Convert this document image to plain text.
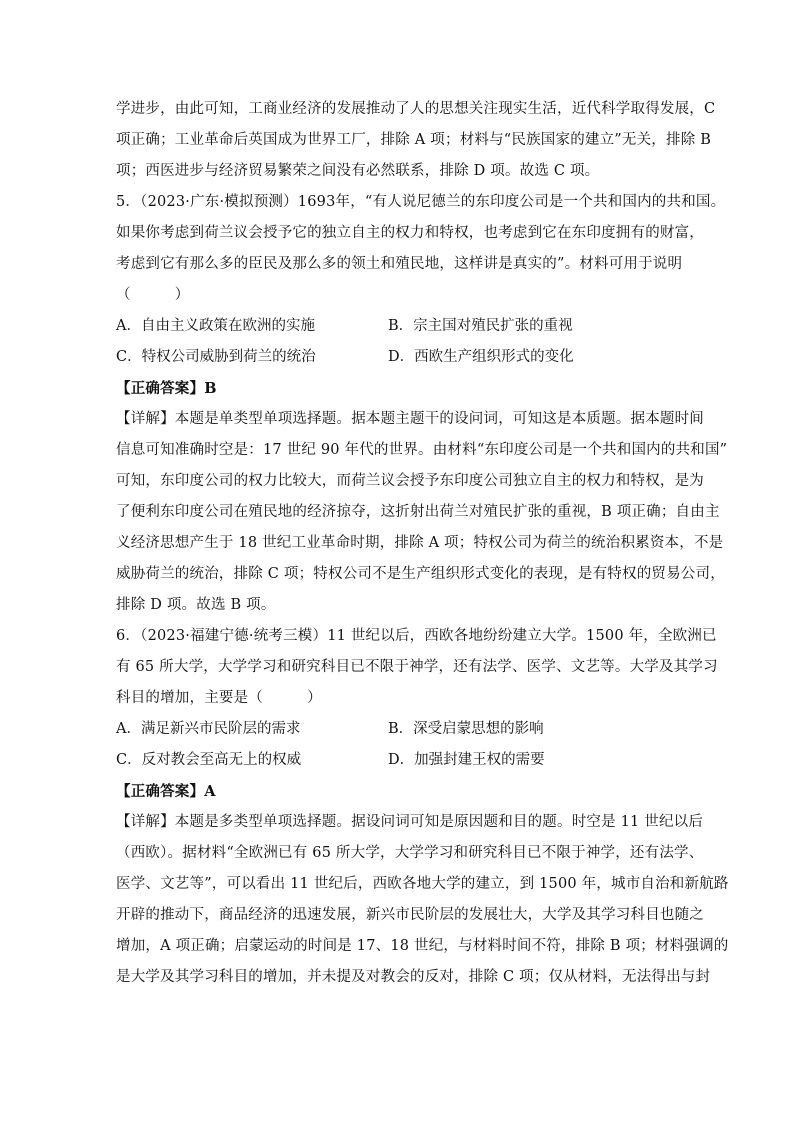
学进步，由此可知，工商业经济的发展推动了人的思想关注现实生活，近代科学取得发展，C
项正确；工业革命后英国成为世界工厂，排除 A 项；材料与“民族国家的建立”无关，排除 B
项；西医进步与经济贸易繁荣之间没有必然联系，排除 D 项。故选 C 项。
5．（2023·广东·模拟预测）1693年，“有人说尼德兰的东印度公司是一个共和国内的共和国。
如果你考虑到荷兰议会授予它的独立自主的权力和特权，也考虑到它在东印度拥有的财富，
考虑到它有那么多的臣民及那么多的领土和殖民地，这样讲是真实的”。材料可用于说明
（　　　）
A．自由主义政策在欧洲的实施	B．宗主国对殖民扩张的重视
C．特权公司威胁到荷兰的统治	D．西欧生产组织形式的变化
【正确答案】B
【详解】本题是单类型单项选择题。据本题主题干的设问词，可知这是本质题。据本题时间
信息可知准确时空是：17 世纪 90 年代的世界。由材料“东印度公司是一个共和国内的共和国”
可知，东印度公司的权力比较大，而荷兰议会授予东印度公司独立自主的权力和特权，是为
了便利东印度公司在殖民地的经济掠夺，这折射出荷兰对殖民扩张的重视，B 项正确；自由主
义经济思想产生于 18 世纪工业革命时期，排除 A 项；特权公司为荷兰的统治积累资本，不是
威胁荷兰的统治，排除 C 项；特权公司不是生产组织形式变化的表现，是有特权的贸易公司，
排除 D 项。故选 B 项。
6．（2023·福建宁德·统考三模）11 世纪以后，西欧各地纷纷建立大学。1500 年，全欧洲已
有 65 所大学，大学学习和研究科目已不限于神学，还有法学、医学、文艺等。大学及其学习
科目的增加，主要是（　　　）
A．满足新兴市民阶层的需求	B．深受启蒙思想的影响
C．反对教会至高无上的权威	D．加强封建王权的需要
【正确答案】A
【详解】本题是多类型单项选择题。据设问词可知是原因题和目的题。时空是 11 世纪以后
（西欧）。据材料“全欧洲已有 65 所大学，大学学习和研究科目已不限于神学，还有法学、
医学、文艺等”，可以看出 11 世纪后，西欧各地大学的建立，到 1500 年，城市自治和新航路
开辟的推动下，商品经济的迅速发展，新兴市民阶层的发展壮大，大学及其学习科目也随之
增加，A 项正确；启蒙运动的时间是 17、18 世纪，与材料时间不符，排除 B 项；材料强调的
是大学及其学习科目的增加，并未提及对教会的反对，排除 C 项；仅从材料，无法得出与封
